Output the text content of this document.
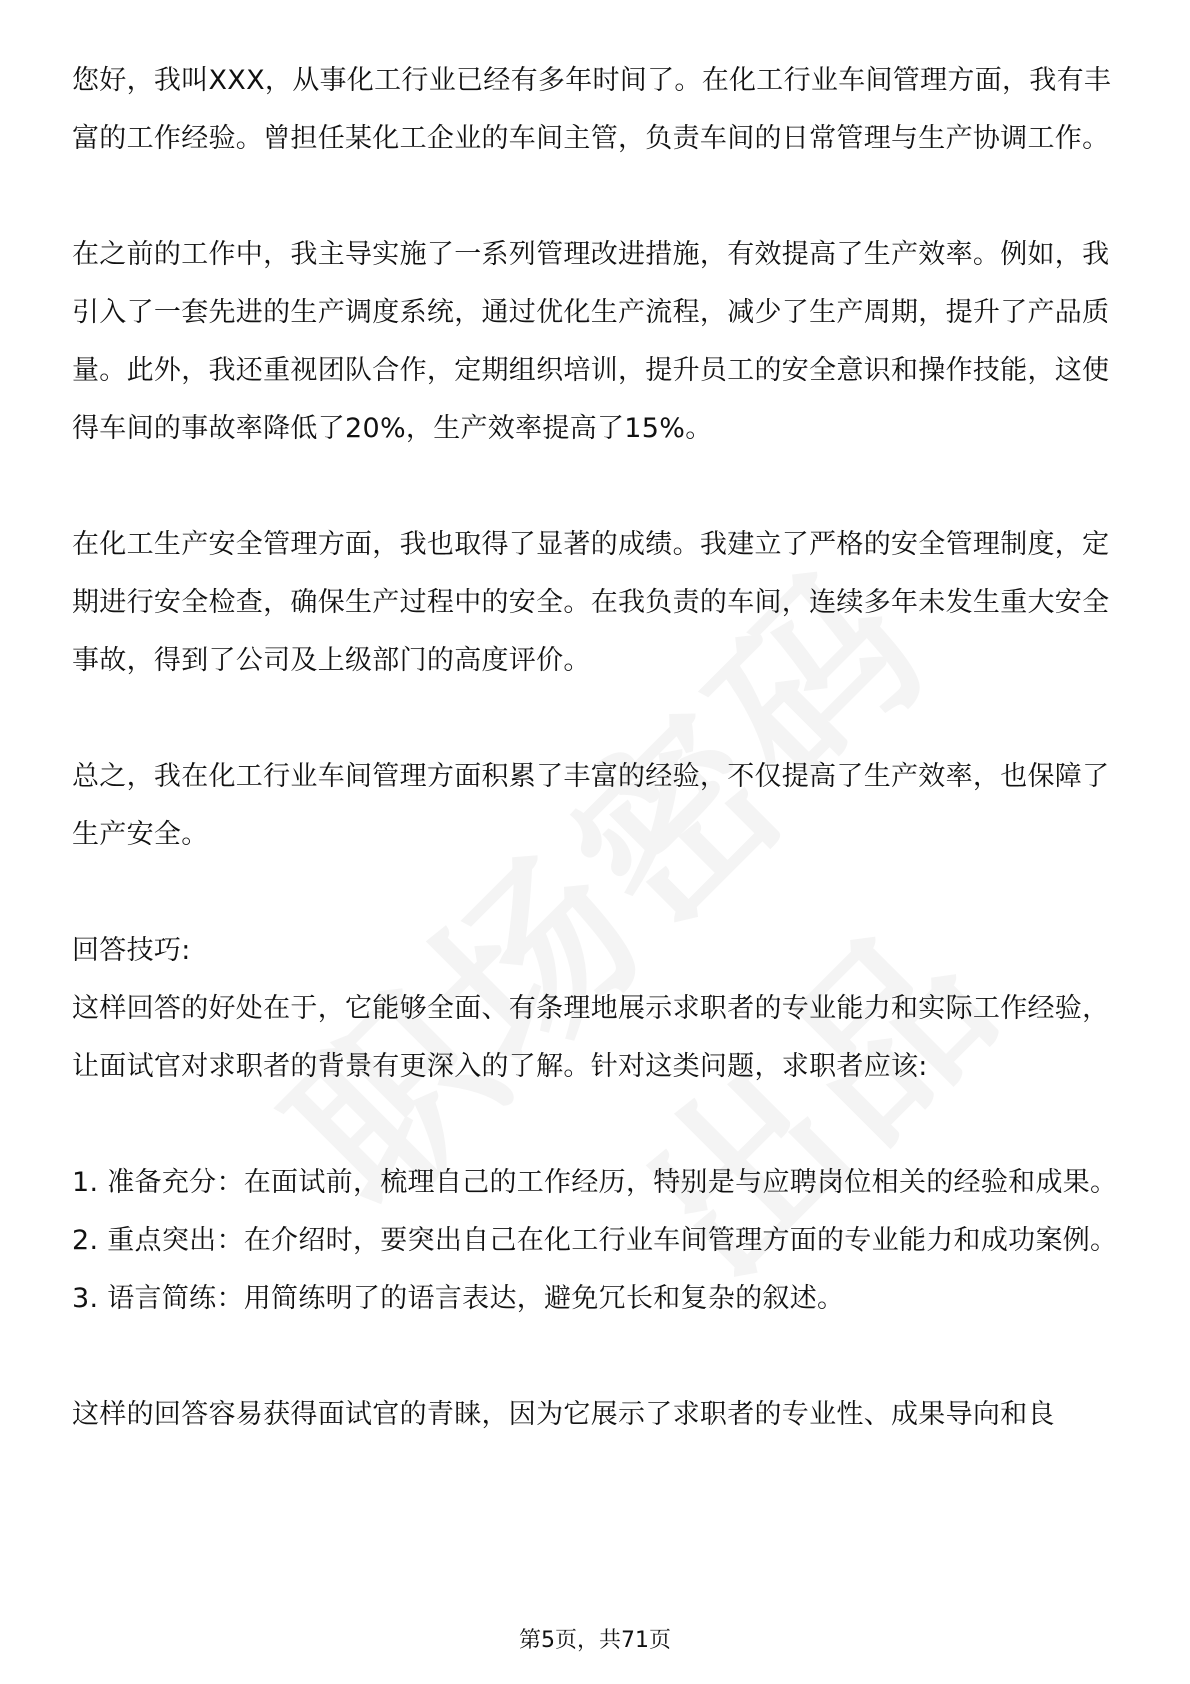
您好，我叫XXX，从事化工行业已经有多年时间了。在化工行业车间管理方面，我有丰富的工作经验。曾担任某化工企业的车间主管，负责车间的日常管理与生产协调工作。

在之前的工作中，我主导实施了一系列管理改进措施，有效提高了生产效率。例如，我引入了一套先进的生产调度系统，通过优化生产流程，减少了生产周期，提升了产品质量。此外，我还重视团队合作，定期组织培训，提升员工的安全意识和操作技能，这使得车间的事故率降低了20%，生产效率提高了15%。

在化工生产安全管理方面，我也取得了显著的成绩。我建立了严格的安全管理制度，定期进行安全检查，确保生产过程中的安全。在我负责的车间，连续多年未发生重大安全事故，得到了公司及上级部门的高度评价。

总之，我在化工行业车间管理方面积累了丰富的经验，不仅提高了生产效率，也保障了生产安全。

回答技巧:

这样回答的好处在于，它能够全面、有条理地展示求职者的专业能力和实际工作经验，让面试官对求职者的背景有更深入的了解。针对这类问题，求职者应该:

1. 准备充分：在面试前，梳理自己的工作经历，特别是与应聘岗位相关的经验和成果。

2. 重点突出：在介绍时，要突出自己在化工行业车间管理方面的专业能力和成功案例。

3. 语言简练：用简练明了的语言表达，避免冗长和复杂的叙述。

这样的回答容易获得面试官的青睐，因为它展示了求职者的专业性、成果导向和良

第5页，共71页
